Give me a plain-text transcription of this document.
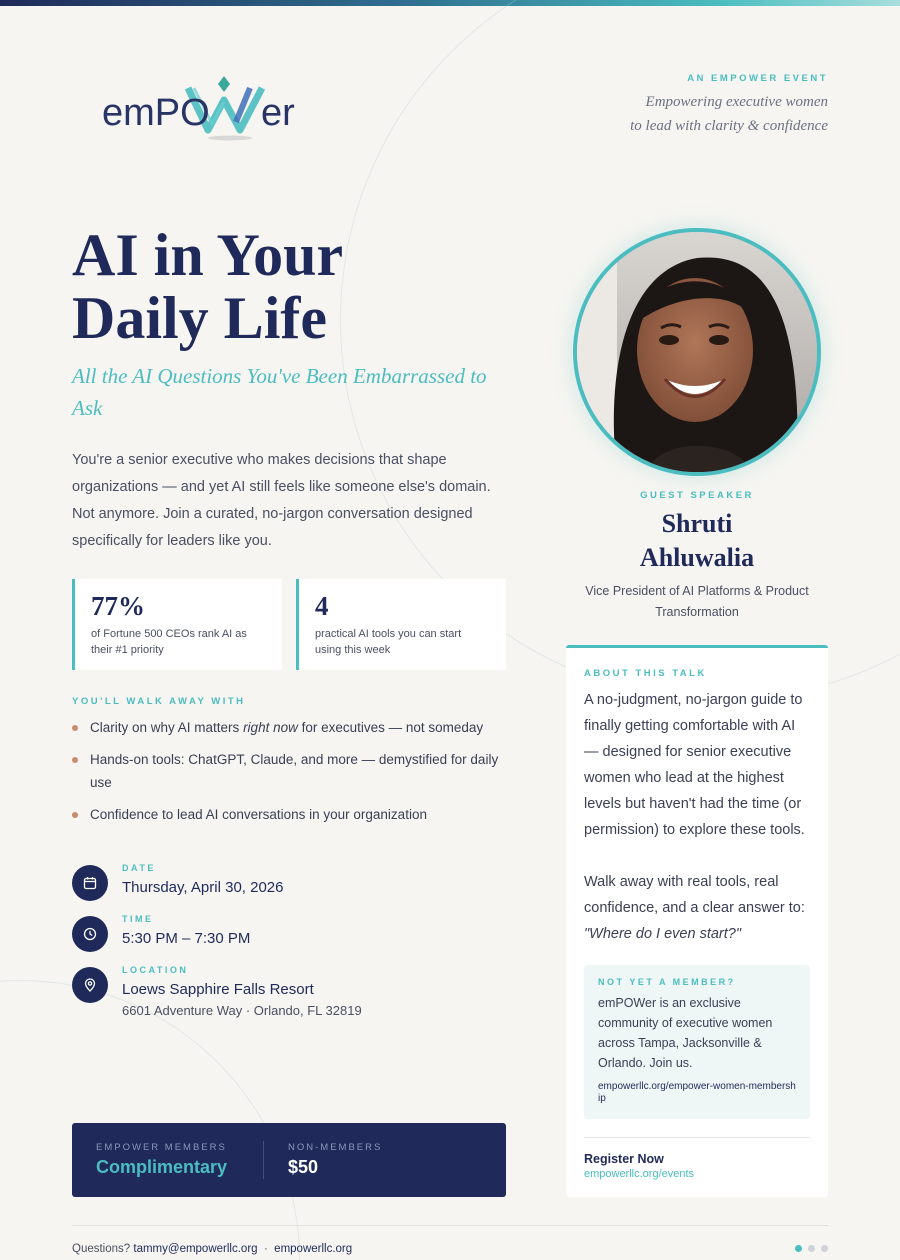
emPO er
AN EMPOWER EVENT
Empowering executive women
to lead with clarity & confidence
AI in Your
Daily Life
All the AI Questions You've Been Embarrassed to Ask

You're a senior executive who makes decisions that shape organizations — and yet AI still feels like someone else's domain. Not anymore. Join a curated, no-jargon conversation designed specifically for leaders like you.

77%
of Fortune 500 CEOs rank AI as their #1 priority
4
practical AI tools you can start using this week
YOU'LL WALK AWAY WITH
Clarity on why AI matters right now for executives — not someday
Hands-on tools: ChatGPT, Claude, and more — demystified for daily use
Confidence to lead AI conversations in your organization
DATE
Thursday, April 30, 2026
TIME
5:30 PM – 7:30 PM
LOCATION
Loews Sapphire Falls Resort
6601 Adventure Way · Orlando, FL 32819
EMPOWER MEMBERS
Complimentary
NON-MEMBERS
$50
Questions? tammy@empowerllc.org · empowerllc.org
GUEST SPEAKER
Shruti
Ahluwalia
Vice President of AI Platforms & Product Transformation
ABOUT THIS TALK

A no-judgment, no-jargon guide to finally getting comfortable with AI — designed for senior executive women who lead at the highest levels but haven't had the time (or permission) to explore these tools.

Walk away with real tools, real confidence, and a clear answer to:
"Where do I even start?"

NOT YET A MEMBER?
emPOWer is an exclusive community of executive women across Tampa, Jacksonville & Orlando. Join us.
empowerllc.org/empower-women-membership
Register Now
empowerllc.org/events
